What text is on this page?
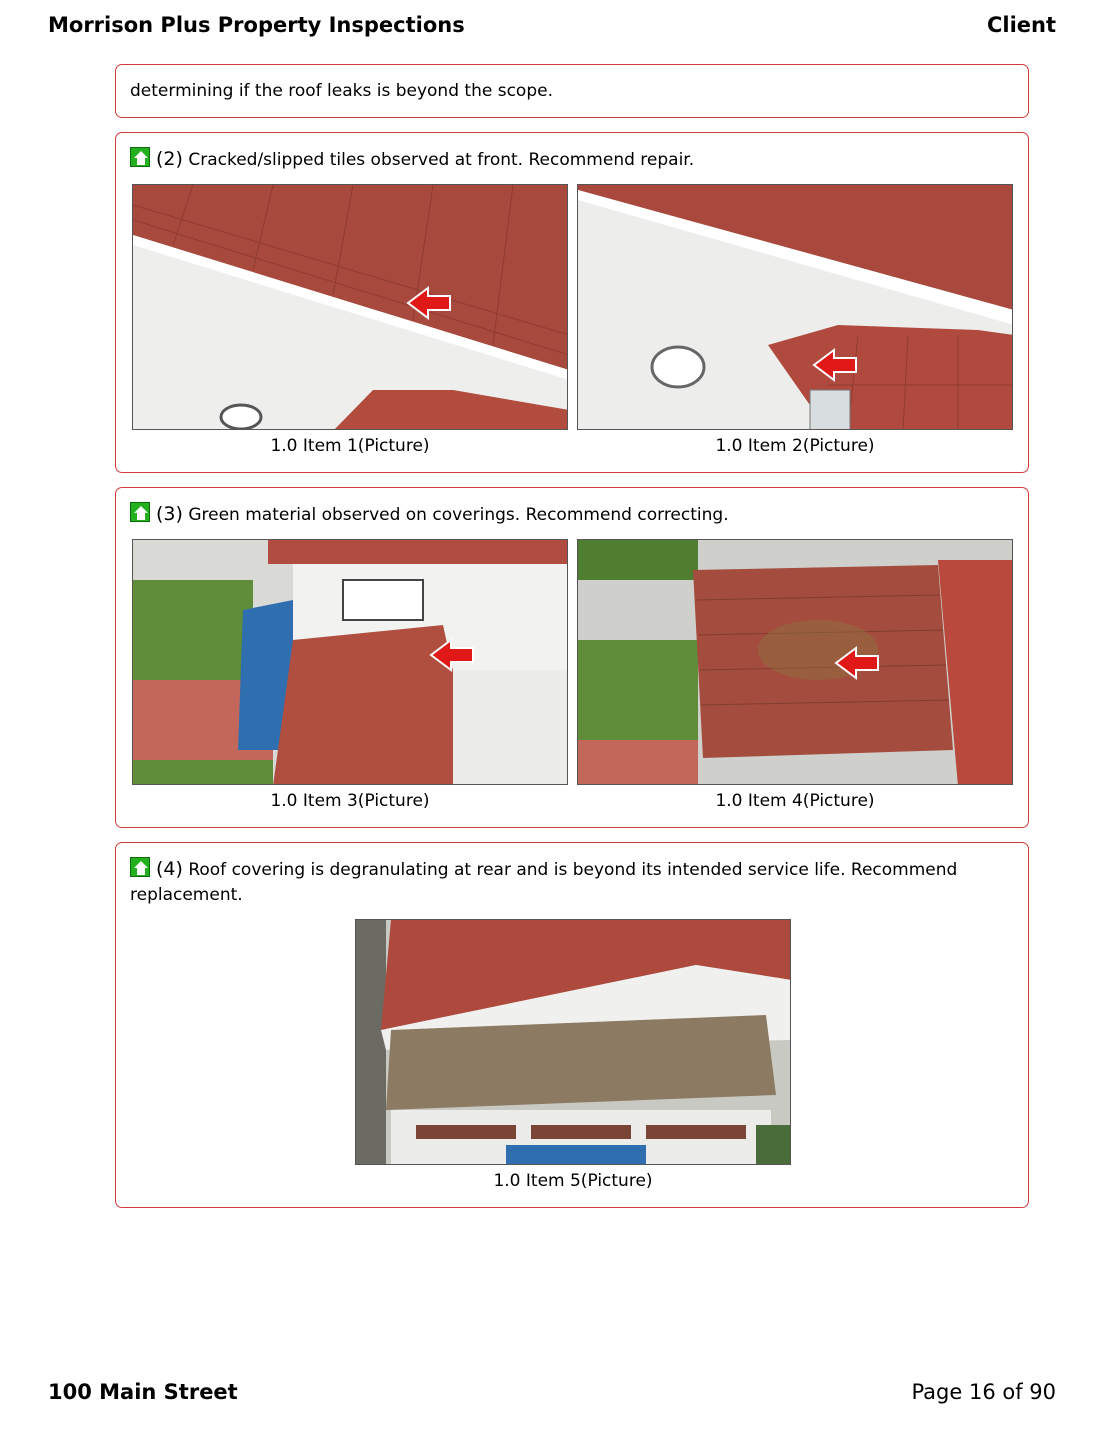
Morrison Plus Property Inspections	Client
determining if the roof leaks is beyond the scope.
(2) Cracked/slipped tiles observed at front. Recommend repair.
1.0 Item 1(Picture)	1.0 Item 2(Picture)
(3) Green material observed on coverings. Recommend correcting.
1.0 Item 3(Picture)	1.0 Item 4(Picture)
(4) Roof covering is degranulating at rear and is beyond its intended service life. Recommend replacement.
1.0 Item 5(Picture)
100 Main Street	Page 16 of 90
